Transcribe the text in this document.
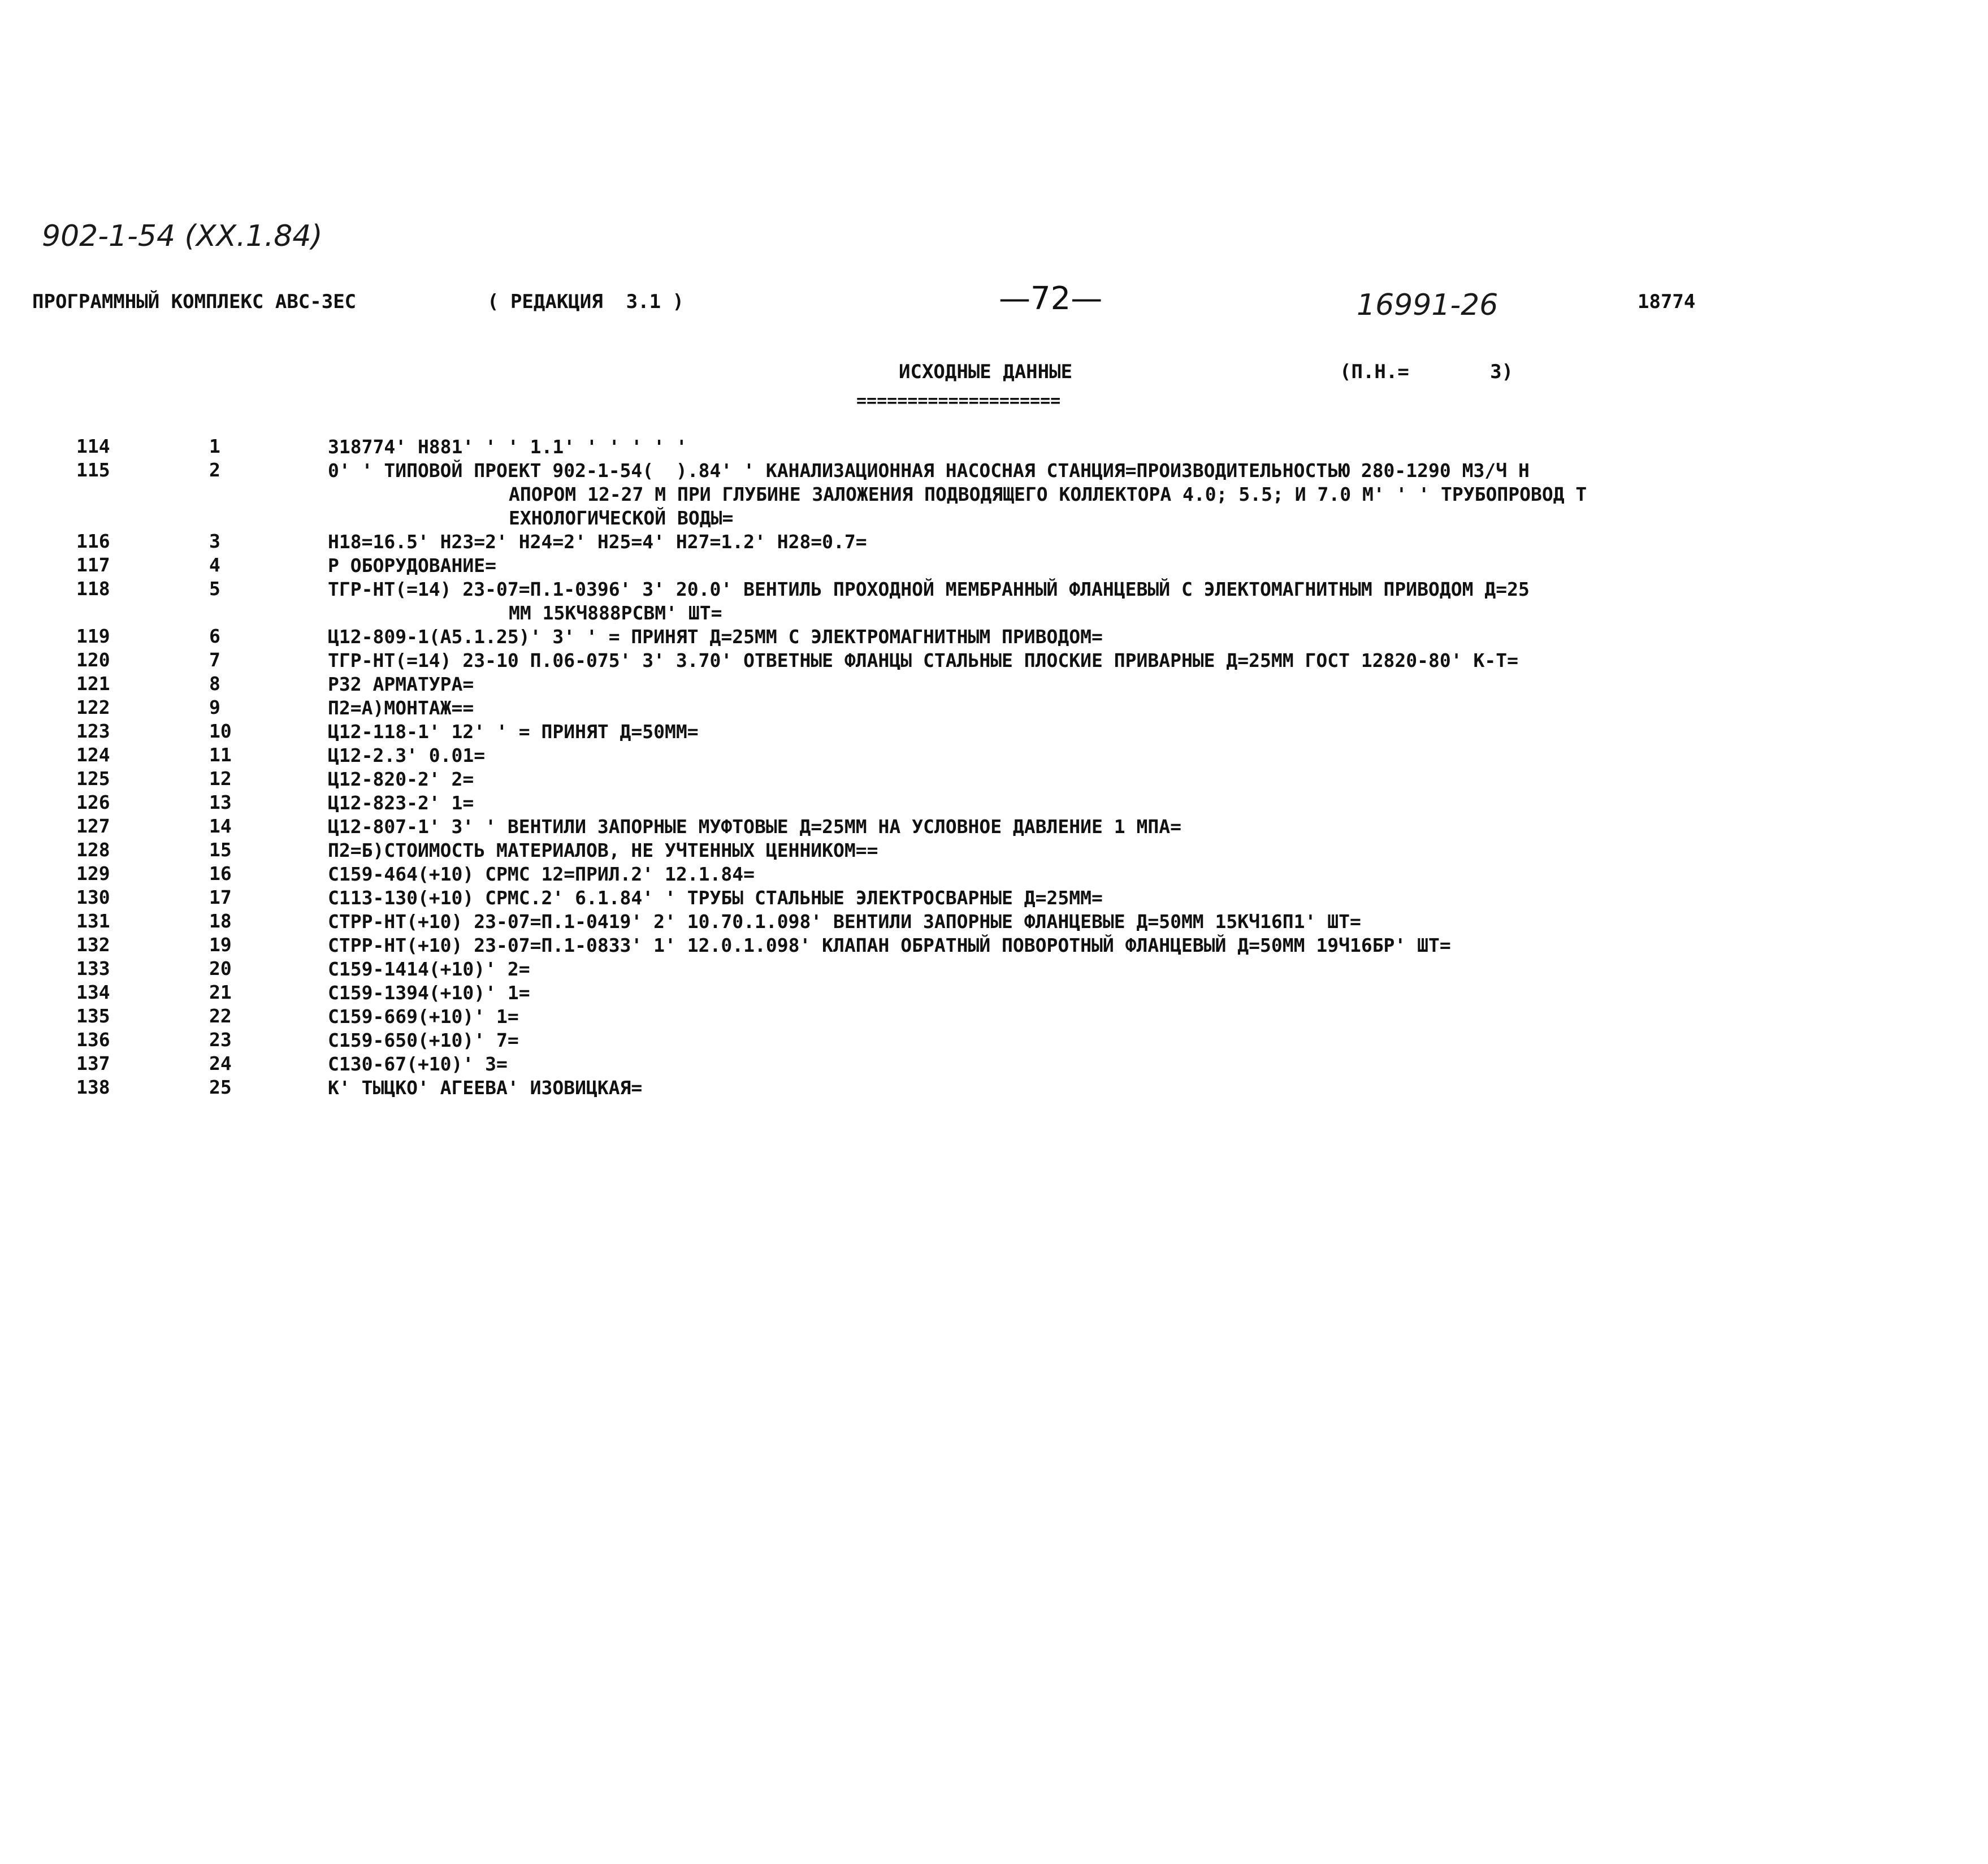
902-1-54 (XX.1.84)

ПРОГРАММНЫЙ КОМПЛЕКС АВС-ЗЕС

	( РЕДАКЦИЯ  3.1 )

	—72—

	18774

16991-26
ИСХОДНЫЕ ДАННЫЕ
====================
(П.Н.=       3)
114	1	318774' Н881' ' ' 1.1' ' ' ' ' '
115	2	0' ' ТИПОВОЙ ПРОЕКТ 902-1-54(  ).84' ' КАНАЛИЗАЦИОННАЯ НАСОСНАЯ СТАНЦИЯ=ПРОИЗВОДИТЕЛЬНОСТЬЮ 280-1290 М3/Ч Н
АПОРОМ 12-27 М ПРИ ГЛУБИНЕ ЗАЛОЖЕНИЯ ПОДВОДЯЩЕГО КОЛЛЕКТОРА 4.0; 5.5; И 7.0 М' ' ' ТРУБОПРОВОД Т
ЕХНОЛОГИЧЕСКОЙ ВОДЫ=
116	3	Н18=16.5' Н23=2' Н24=2' Н25=4' Н27=1.2' Н28=0.7=
117	4	Р ОБОРУДОВАНИЕ=
118	5	ТГР-НТ(=14) 23-07=П.1-0396' 3' 20.0' ВЕНТИЛЬ ПРОХОДНОЙ МЕМБРАННЫЙ ФЛАНЦЕВЫЙ С ЭЛЕКТОМАГНИТНЫМ ПРИВОДОМ Д=25
ММ 15КЧ888РСВМ' ШТ=
119	6	Ц12-809-1(А5.1.25)' 3' ' = ПРИНЯТ Д=25ММ С ЭЛЕКТРОМАГНИТНЫМ ПРИВОДОМ=
120	7	ТГР-НТ(=14) 23-10 П.06-075' 3' 3.70' ОТВЕТНЫЕ ФЛАНЦЫ СТАЛЬНЫЕ ПЛОСКИЕ ПРИВАРНЫЕ Д=25ММ ГОСТ 12820-80' К-Т=
121	8	Р32 АРМАТУРА=
122	9	П2=А)МОНТАЖ==
123	10	Ц12-118-1' 12' ' = ПРИНЯТ Д=50ММ=
124	11	Ц12-2.3' 0.01=
125	12	Ц12-820-2' 2=
126	13	Ц12-823-2' 1=
127	14	Ц12-807-1' 3' ' ВЕНТИЛИ ЗАПОРНЫЕ МУФТОВЫЕ Д=25ММ НА УСЛОВНОЕ ДАВЛЕНИЕ 1 МПА=
128	15	П2=Б)СТОИМОСТЬ МАТЕРИАЛОВ, НЕ УЧТЕННЫХ ЦЕННИКОМ==
129	16	С159-464(+10) СРМС 12=ПРИЛ.2' 12.1.84=
130	17	С113-130(+10) СРМС.2' 6.1.84' ' ТРУБЫ СТАЛЬНЫЕ ЭЛЕКТРОСВАРНЫЕ Д=25ММ=
131	18	СТРР-НТ(+10) 23-07=П.1-0419' 2' 10.70.1.098' ВЕНТИЛИ ЗАПОРНЫЕ ФЛАНЦЕВЫЕ Д=50ММ 15КЧ16П1' ШТ=
132	19	СТРР-НТ(+10) 23-07=П.1-0833' 1' 12.0.1.098' КЛАПАН ОБРАТНЫЙ ПОВОРОТНЫЙ ФЛАНЦЕВЫЙ Д=50ММ 19Ч16БР' ШТ=
133	20	С159-1414(+10)' 2=
134	21	С159-1394(+10)' 1=
135	22	С159-669(+10)' 1=
136	23	С159-650(+10)' 7=
137	24	С130-67(+10)' 3=
138	25	К' ТЫЦКО' АГЕЕВА' ИЗОВИЦКАЯ=
